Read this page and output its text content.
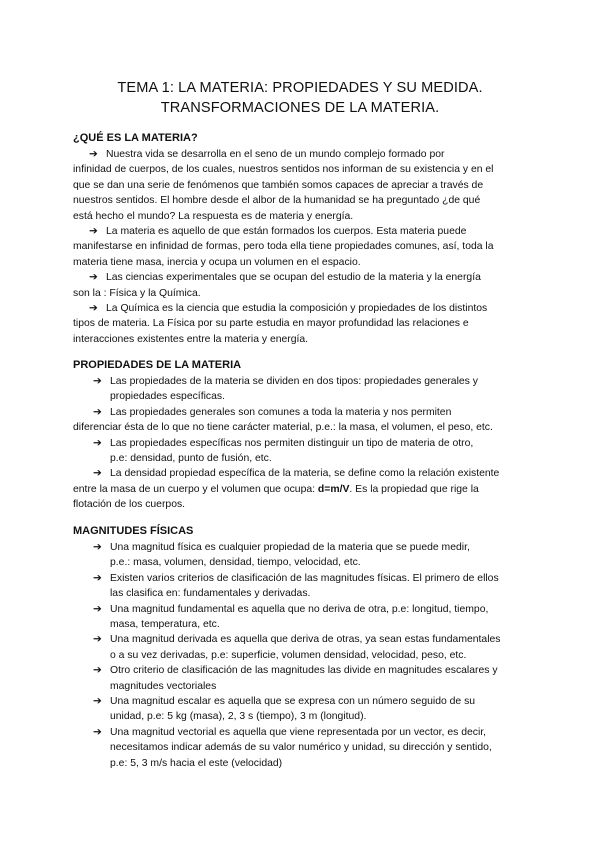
TEMA 1: LA MATERIA: PROPIEDADES Y SU MEDIDA.
TRANSFORMACIONES DE LA MATERIA.
¿QUÉ ES LA MATERIA?
➔ Nuestra vida se desarrolla en el seno de un mundo complejo formado por
infinidad de cuerpos, de los cuales, nuestros sentidos nos informan de su existencia y en el
que se dan una serie de fenómenos que también somos capaces de apreciar a través de
nuestros sentidos. El hombre desde el albor de la humanidad se ha preguntado ¿de qué
está hecho el mundo? La respuesta es de materia y energía.
➔ La materia es aquello de que están formados los cuerpos. Esta materia puede
manifestarse en infinidad de formas, pero toda ella tiene propiedades comunes, así, toda la
materia tiene masa, inercia y ocupa un volumen en el espacio.
➔ Las ciencias experimentales que se ocupan del estudio de la materia y la energía
son la : Física y la Química.
➔ La Química es la ciencia que estudia la composición y propiedades de los distintos
tipos de materia. La Física por su parte estudia en mayor profundidad las relaciones e
interacciones existentes entre la materia y energía.
PROPIEDADES DE LA MATERIA
➔ Las propiedades de la materia se dividen en dos tipos: propiedades generales y
propiedades específicas.
➔ Las propiedades generales son comunes a toda la materia y nos permiten
diferenciar ésta de lo que no tiene carácter material, p.e.: la masa, el volumen, el peso, etc.
➔ Las propiedades específicas nos permiten distinguir un tipo de materia de otro,
p.e: densidad, punto de fusión, etc.
➔ La densidad propiedad específica de la materia, se define como la relación existente
entre la masa de un cuerpo y el volumen que ocupa: d=m/V. Es la propiedad que rige la
flotación de los cuerpos.
MAGNITUDES FÍSICAS
➔ Una magnitud física es cualquier propiedad de la materia que se puede medir,
p.e.: masa, volumen, densidad, tiempo, velocidad, etc.
➔ Existen varios criterios de clasificación de las magnitudes físicas. El primero de ellos
las clasifica en: fundamentales y derivadas.
➔ Una magnitud fundamental es aquella que no deriva de otra, p.e: longitud, tiempo,
masa, temperatura, etc.
➔ Una magnitud derivada es aquella que deriva de otras, ya sean estas fundamentales
o a su vez derivadas, p.e: superficie, volumen densidad, velocidad, peso, etc.
➔ Otro criterio de clasificación de las magnitudes las divide en magnitudes escalares y
magnitudes vectoriales
➔ Una magnitud escalar es aquella que se expresa con un número seguido de su
unidad, p.e: 5 kg (masa), 2, 3 s (tiempo), 3 m (longitud).
➔ Una magnitud vectorial es aquella que viene representada por un vector, es decir,
necesitamos indicar además de su valor numérico y unidad, su dirección y sentido,
p.e: 5, 3 m/s hacia el este (velocidad)
